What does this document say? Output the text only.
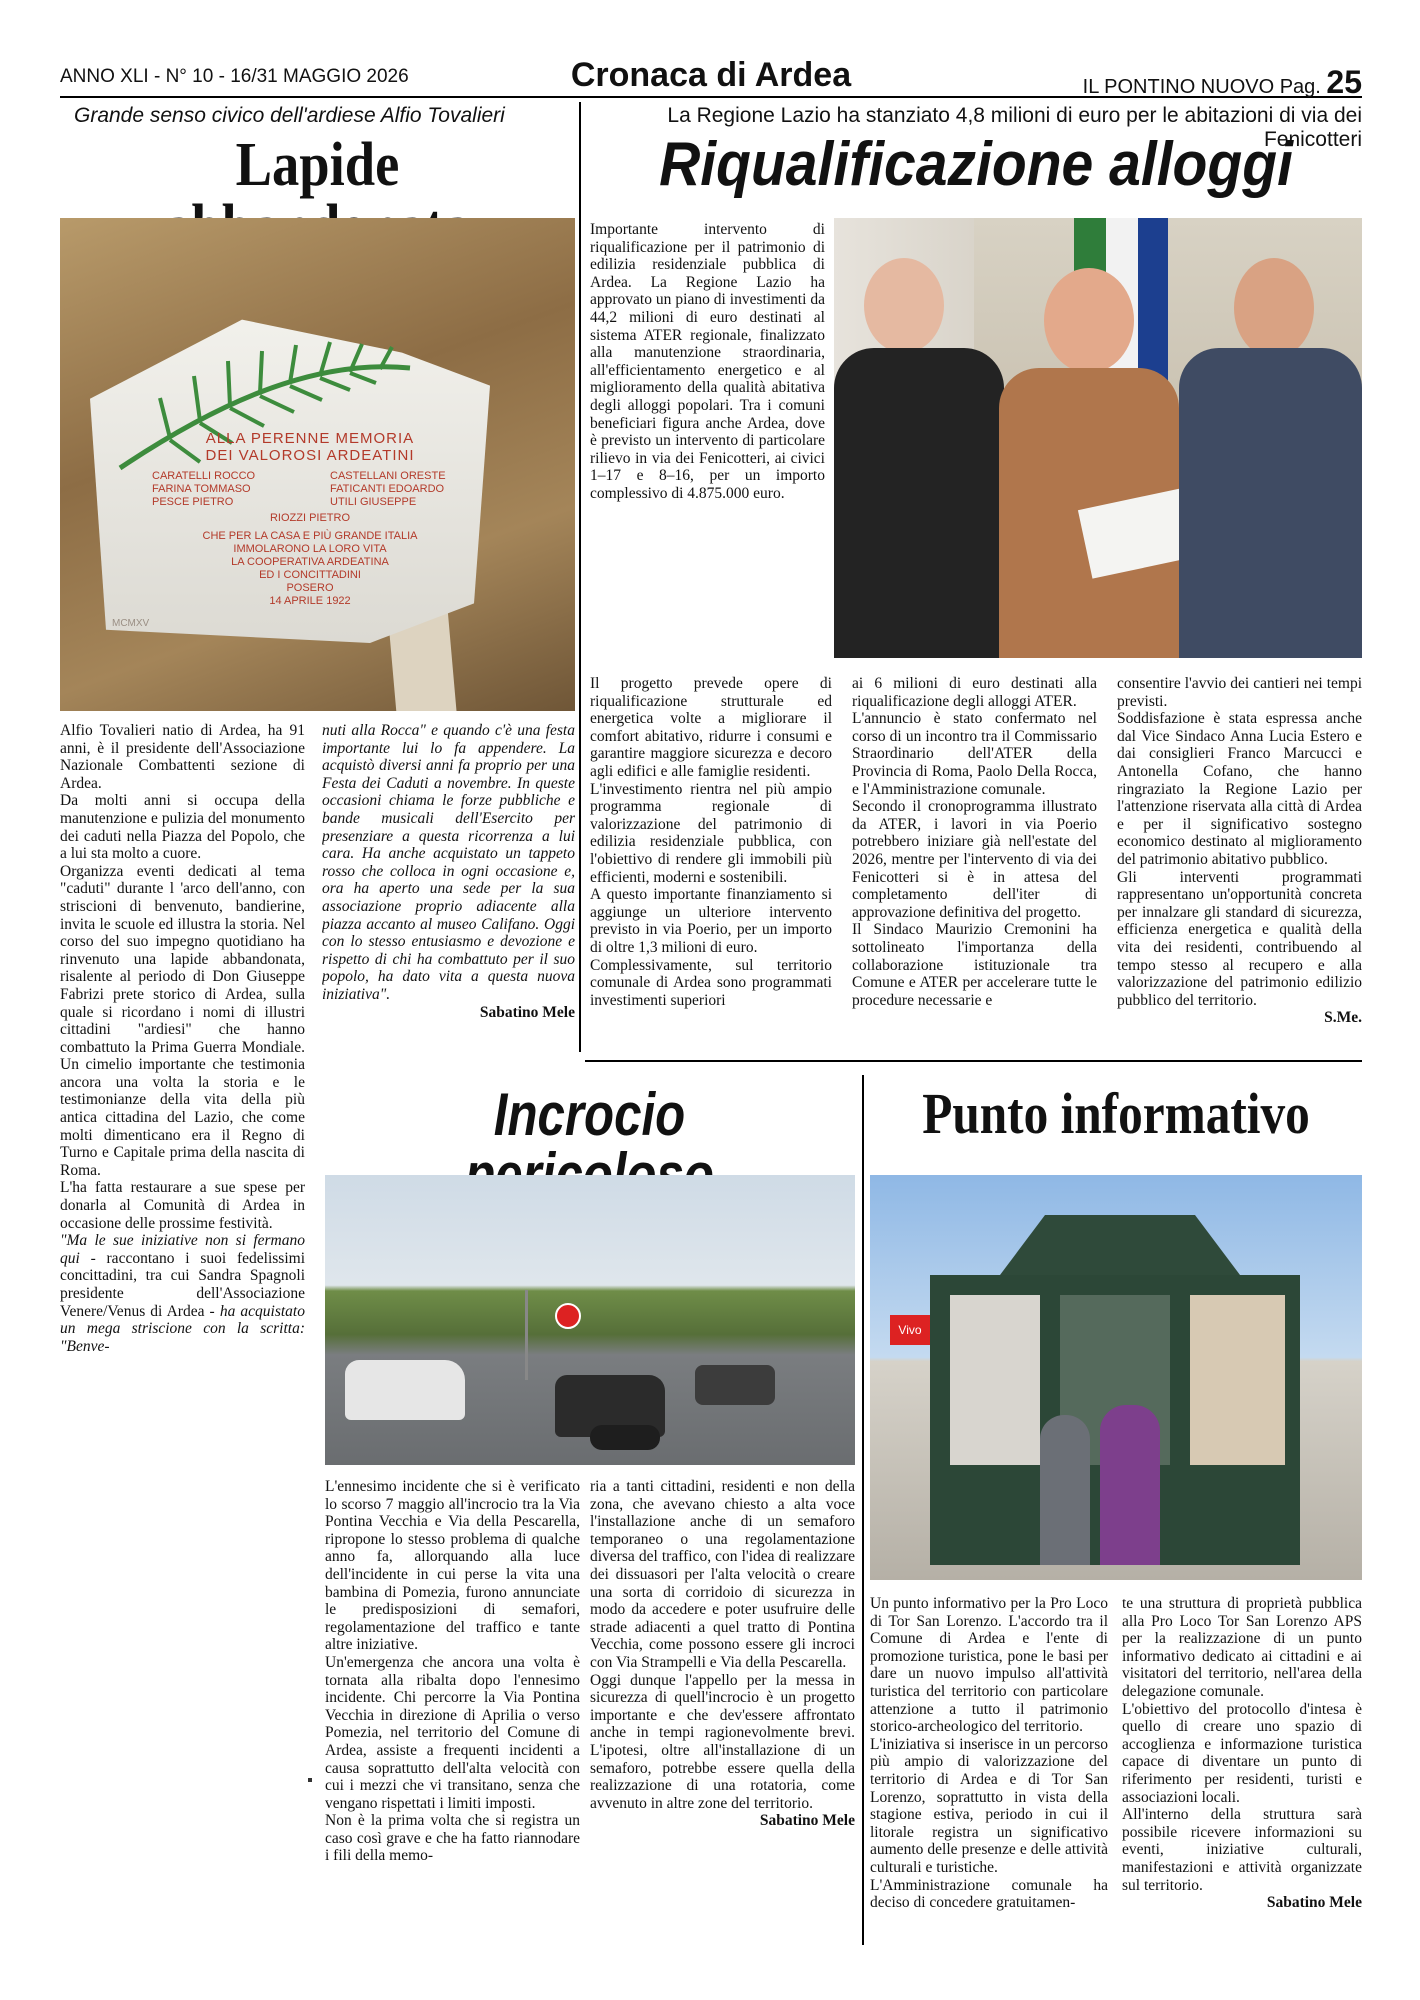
ANNO XLI - N° 10 - 16/31 MAGGIO 2026	Cronaca di Ardea	IL PONTINO NUOVO Pag. 25
Grande senso civico dell'ardiese Alfio Tovalieri
Lapide
ALLA PERENNE MEMORIA
DEI VALOROSI ARDEATINI
CARATELLI ROCCO
FARINA TOMMASO
PESCE PIETRO
CASTELLANI ORESTE
FATICANTI EDOARDO
UTILI GIUSEPPE
RIOZZI PIETRO
CHE PER LA CASA E PIÙ GRANDE ITALIA
IMMOLARONO LA LORO VITA
LA COOPERATIVA ARDEATINA
ED I CONCITTADINI
POSERO
14 APRILE 1922
MCMXV

Alfio Tovalieri natio di Ardea, ha 91 anni, è il presidente dell'Associazione Nazionale Combattenti sezione di Ardea.

Da molti anni si occupa della manutenzione e pulizia del monumento dei caduti nella Piazza del Popolo, che a lui sta molto a cuore.

Organizza eventi dedicati al tema "caduti" durante l 'arco dell'anno, con striscioni di benvenuto, bandierine, invita le scuole ed illustra la storia. Nel corso del suo impegno quotidiano ha rinvenuto una lapide abbandonata, risalente al periodo di Don Giuseppe Fabrizi prete storico di Ardea, sulla quale si ricordano i nomi di illustri cittadini "ardiesi" che hanno combattuto la Prima Guerra Mondiale. Un cimelio importante che testimonia ancora una volta la storia e le testimonianze della vita della più antica cittadina del Lazio, che come molti dimenticano era il Regno di Turno e Capitale prima della nascita di Roma.

L'ha fatta restaurare a sue spese per donarla al Comunità di Ardea in occasione delle prossime festività.

"Ma le sue iniziative non si fermano qui - raccontano i suoi fedelissimi concittadini, tra cui Sandra Spagnoli presidente dell'Associazione Venere/Venus di Ardea - ha acquistato un mega striscione con la scritta: "Benve-

nuti alla Rocca" e quando c'è una festa importante lui lo fa appendere. La acquistò diversi anni fa proprio per una Festa dei Caduti a novembre. In queste occasioni chiama le forze pubbliche e bande musicali dell'Esercito per presenziare a questa ricorrenza a lui cara. Ha anche acquistato un tappeto rosso che colloca in ogni occasione e, ora ha aperto una sede per la sua associazione proprio adiacente alla piazza accanto al museo Califano. Oggi con lo stesso entusiasmo e devozione e rispetto di chi ha combattuto per il suo popolo, ha dato vita a questa nuova iniziativa".

Sabatino Mele

La Regione Lazio ha stanziato 4,8 milioni di euro per le abitazioni di via dei Fenicotteri
Riqualificazione alloggi

Importante intervento di riqualificazione per il patrimonio di edilizia residenziale pubblica di Ardea. La Regione Lazio ha approvato un piano di investimenti da 44,2 milioni di euro destinati al sistema ATER regionale, finalizzato alla manutenzione straordinaria, all'efficientamento energetico e al miglioramento della qualità abitativa degli alloggi popolari. Tra i comuni beneficiari figura anche Ardea, dove è previsto un intervento di particolare rilievo in via dei Fenicotteri, ai civici 1–17 e 8–16, per un importo complessivo di 4.875.000 euro.

Il progetto prevede opere di riqualificazione strutturale ed energetica volte a migliorare il comfort abitativo, ridurre i consumi e garantire maggiore sicurezza e decoro agli edifici e alle famiglie residenti.

L'investimento rientra nel più ampio programma regionale di valorizzazione del patrimonio di edilizia residenziale pubblica, con l'obiettivo di rendere gli immobili più efficienti, moderni e sostenibili.

A questo importante finanziamento si aggiunge un ulteriore intervento previsto in via Poerio, per un importo di oltre 1,3 milioni di euro.

Complessivamente, sul territorio comunale di Ardea sono programmati investimenti superiori

ai 6 milioni di euro destinati alla riqualificazione degli alloggi ATER.

L'annuncio è stato confermato nel corso di un incontro tra il Commissario Straordinario dell'ATER della Provincia di Roma, Paolo Della Rocca, e l'Amministrazione comunale.

Secondo il cronoprogramma illustrato da ATER, i lavori in via Poerio potrebbero iniziare già nell'estate del 2026, mentre per l'intervento di via dei Fenicotteri si è in attesa del completamento dell'iter di approvazione definitiva del progetto.

Il Sindaco Maurizio Cremonini ha sottolineato l'importanza della collaborazione istituzionale tra Comune e ATER per accelerare tutte le procedure necessarie e

consentire l'avvio dei cantieri nei tempi previsti.

Soddisfazione è stata espressa anche dal Vice Sindaco Anna Lucia Estero e dai consiglieri Franco Marcucci e Antonella Cofano, che hanno ringraziato la Regione Lazio per l'attenzione riservata alla città di Ardea e per il significativo sostegno economico destinato al miglioramento del patrimonio abitativo pubblico.

Gli interventi programmati rappresentano un'opportunità concreta per innalzare gli standard di sicurezza, efficienza energetica e qualità della vita dei residenti, contribuendo al tempo stesso al recupero e alla valorizzazione del patrimonio edilizio pubblico del territorio.

S.Me.

Incrocio

L'ennesimo incidente che si è verificato lo scorso 7 maggio all'incrocio tra la Via Pontina Vecchia e Via della Pescarella, ripropone lo stesso problema di qualche anno fa, allorquando alla luce dell'incidente in cui perse la vita una bambina di Pomezia, furono annunciate le predisposizioni di semafori, regolamentazione del traffico e tante altre iniziative.

Un'emergenza che ancora una volta è tornata alla ribalta dopo l'ennesimo incidente. Chi percorre la Via Pontina Vecchia in direzione di Aprilia o verso Pomezia, nel territorio del Comune di Ardea, assiste a frequenti incidenti a causa soprattutto dell'alta velocità con cui i mezzi che vi transitano, senza che vengano rispettati i limiti imposti.

Non è la prima volta che si registra un caso così grave e che ha fatto riannodare i fili della memo-

ria a tanti cittadini, residenti e non della zona, che avevano chiesto a alta voce l'installazione anche di un semaforo temporaneo o una regolamentazione diversa del traffico, con l'idea di realizzare dei dissuasori per l'alta velocità o creare una sorta di corridoio di sicurezza in modo da accedere e poter usufruire delle strade adiacenti a quel tratto di Pontina Vecchia, come possono essere gli incroci con Via Strampelli e Via della Pescarella.

Oggi dunque l'appello per la messa in sicurezza di quell'incrocio è un progetto importante e che dev'essere affrontato anche in tempi ragionevolmente brevi. L'ipotesi, oltre all'installazione di un semaforo, potrebbe essere quella della realizzazione di una rotatoria, come avvenuto in altre zone del territorio.

Sabatino Mele

Punto informativo
Vivo

Un punto informativo per la Pro Loco di Tor San Lorenzo. L'accordo tra il Comune di Ardea e l'ente di promozione turistica, pone le basi per dare un nuovo impulso all'attività turistica del territorio con particolare attenzione a tutto il patrimonio storico-archeologico del territorio.

L'iniziativa si inserisce in un percorso più ampio di valorizzazione del territorio di Ardea e di Tor San Lorenzo, soprattutto in vista della stagione estiva, periodo in cui il litorale registra un significativo aumento delle presenze e delle attività culturali e turistiche.

L'Amministrazione comunale ha deciso di concedere gratuitamen-

te una struttura di proprietà pubblica alla Pro Loco Tor San Lorenzo APS per la realizzazione di un punto informativo dedicato ai cittadini e ai visitatori del territorio, nell'area della delegazione comunale.

L'obiettivo del protocollo d'intesa è quello di creare uno spazio di accoglienza e informazione turistica capace di diventare un punto di riferimento per residenti, turisti e associazioni locali.

All'interno della struttura sarà possibile ricevere informazioni su eventi, iniziative culturali, manifestazioni e attività organizzate sul territorio.

Sabatino Mele
